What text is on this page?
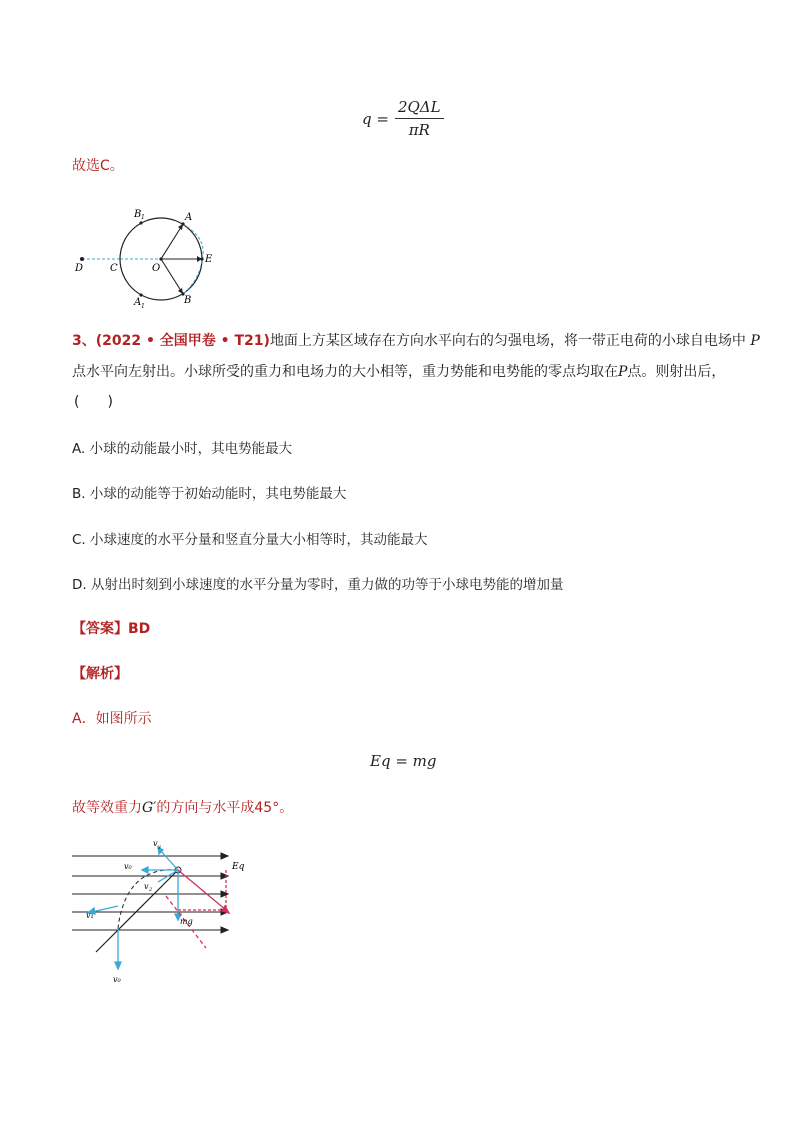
$q = \frac{\text{2QΔL}}{\pi R}$
故选C。
D	C	O
E
A
B
B 1
A 1
3、(2022 • 全国甲卷 • T21)地面上方某区域存在方向水平向右的匀强电场，将一带正电荷的小球自电场中 P
点水平向左射出。小球所受的重力和电场力的大小相等，重力势能和电势能的零点均取在P点。则射出后，
(　　)
A. 小球的动能最小时，其电势能最大
B. 小球的动能等于初始动能时，其电势能最大
C. 小球速度的水平分量和竖直分量大小相等时，其动能最大
D. 从射出时刻到小球速度的水平分量为零时，重力做的功等于小球电势能的增加量
【答案】BD
【解析】
A．如图所示
Eq = mg
故等效重力G′的方向与水平成45°。
v y
v₀
v 2
v₁
Eq
mg
v₀
